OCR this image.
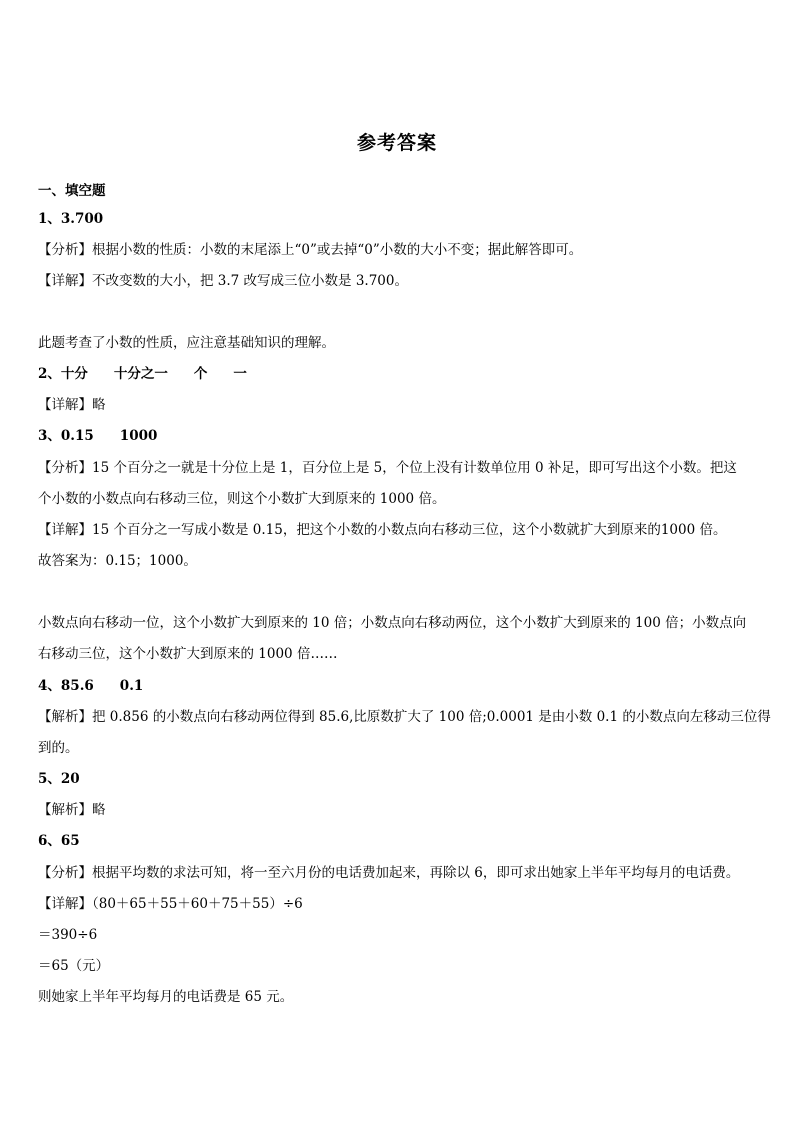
参考答案
一、填空题
1、3.700
【分析】根据小数的性质：小数的末尾添上“0”或去掉“0”小数的大小不变；据此解答即可。
【详解】不改变数的大小，把 3.7 改写成三位小数是 3.700。
此题考查了小数的性质，应注意基础知识的理解。
2、十分 十分之一 个 一
【详解】略
3、0.15 1000
【分析】15 个百分之一就是十分位上是 1，百分位上是 5，个位上没有计数单位用 0 补足，即可写出这个小数。把这
个小数的小数点向右移动三位，则这个小数扩大到原来的 1000 倍。
【详解】15 个百分之一写成小数是 0.15，把这个小数的小数点向右移动三位，这个小数就扩大到原来的1000 倍。
故答案为：0.15；1000。
小数点向右移动一位，这个小数扩大到原来的 10 倍；小数点向右移动两位，这个小数扩大到原来的 100 倍；小数点向
右移动三位，这个小数扩大到原来的 1000 倍……
4、85.6 0.1
【解析】把 0.856 的小数点向右移动两位得到 85.6,比原数扩大了 100 倍;0.0001 是由小数 0.1 的小数点向左移动三位得
到的。
5、20
【解析】略
6、65
【分析】根据平均数的求法可知，将一至六月份的电话费加起来，再除以 6，即可求出她家上半年平均每月的电话费。
【详解】（80＋65＋55＋60＋75＋55）÷6
＝390÷6
＝65（元）
则她家上半年平均每月的电话费是 65 元。
